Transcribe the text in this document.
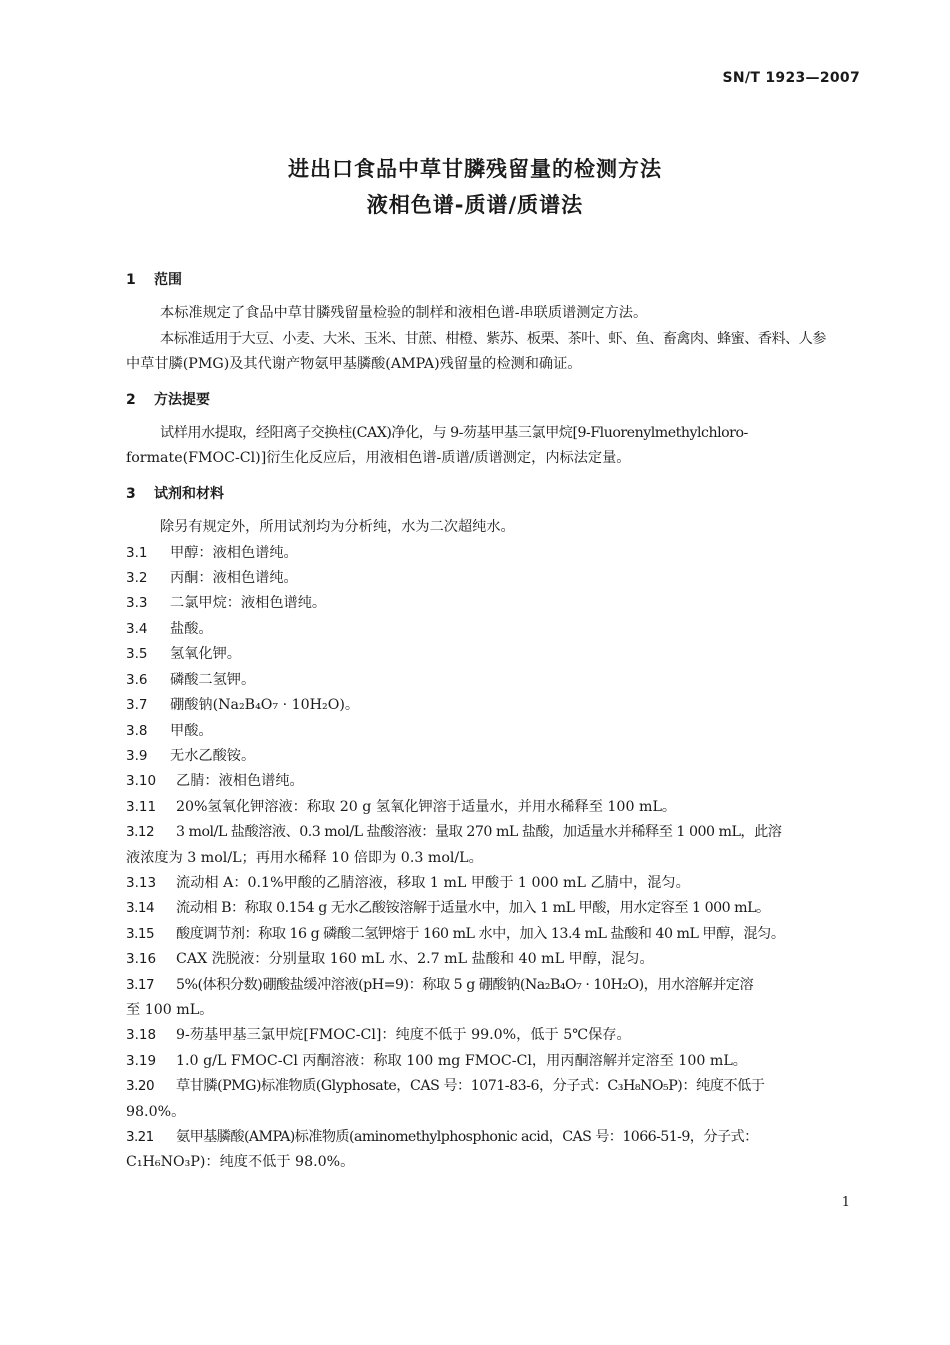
SN/T 1923—2007
进出口食品中草甘膦残留量的检测方法
液相色谱-质谱/质谱法
1 范围

本标准规定了食品中草甘膦残留量检验的制样和液相色谱-串联质谱测定方法。

本标准适用于大豆、小麦、大米、玉米、甘蔗、柑橙、紫苏、板栗、茶叶、虾、鱼、畜禽肉、蜂蜜、香料、人参

中草甘膦(PMG)及其代谢产物氨甲基膦酸(AMPA)残留量的检测和确证。

2 方法提要

试样用水提取，经阳离子交换柱(CAX)净化，与 9-芴基甲基三氯甲烷[9-Fluorenylmethylchloro-

formate(FMOC-Cl)]衍生化反应后，用液相色谱-质谱/质谱测定，内标法定量。

3 试剂和材料

除另有规定外，所用试剂均为分析纯，水为二次超纯水。

3.1 甲醇：液相色谱纯。

3.2 丙酮：液相色谱纯。

3.3 二氯甲烷：液相色谱纯。

3.4 盐酸。

3.5 氢氧化钾。

3.6 磷酸二氢钾。

3.7 硼酸钠(Na₂B₄O₇ · 10H₂O)。

3.8 甲酸。

3.9 无水乙酸铵。

3.10 乙腈：液相色谱纯。

3.11 20%氢氧化钾溶液：称取 20 g 氢氧化钾溶于适量水，并用水稀释至 100 mL。

3.12 3 mol/L 盐酸溶液、0.3 mol/L 盐酸溶液：量取 270 mL 盐酸，加适量水并稀释至 1 000 mL，此溶

液浓度为 3 mol/L；再用水稀释 10 倍即为 0.3 mol/L。

3.13 流动相 A：0.1%甲酸的乙腈溶液，移取 1 mL 甲酸于 1 000 mL 乙腈中，混匀。

3.14 流动相 B：称取 0.154 g 无水乙酸铵溶解于适量水中，加入 1 mL 甲酸，用水定容至 1 000 mL。

3.15 酸度调节剂：称取 16 g 磷酸二氢钾熔于 160 mL 水中，加入 13.4 mL 盐酸和 40 mL 甲醇，混匀。

3.16 CAX 洗脱液：分别量取 160 mL 水、2.7 mL 盐酸和 40 mL 甲醇，混匀。

3.17 5%(体积分数)硼酸盐缓冲溶液(pH=9)：称取 5 g 硼酸钠(Na₂B₄O₇ · 10H₂O)，用水溶解并定溶

至 100 mL。

3.18 9-芴基甲基三氯甲烷[FMOC-Cl]：纯度不低于 99.0%，低于 5℃保存。

3.19 1.0 g/L FMOC-Cl 丙酮溶液：称取 100 mg FMOC-Cl，用丙酮溶解并定溶至 100 mL。

3.20 草甘膦(PMG)标准物质(Glyphosate，CAS 号：1071-83-6，分子式：C₃H₈NO₅P)：纯度不低于

98.0%。

3.21 氨甲基膦酸(AMPA)标准物质(aminomethylphosphonic acid，CAS 号：1066-51-9，分子式：

C₁H₆NO₃P)：纯度不低于 98.0%。

1
